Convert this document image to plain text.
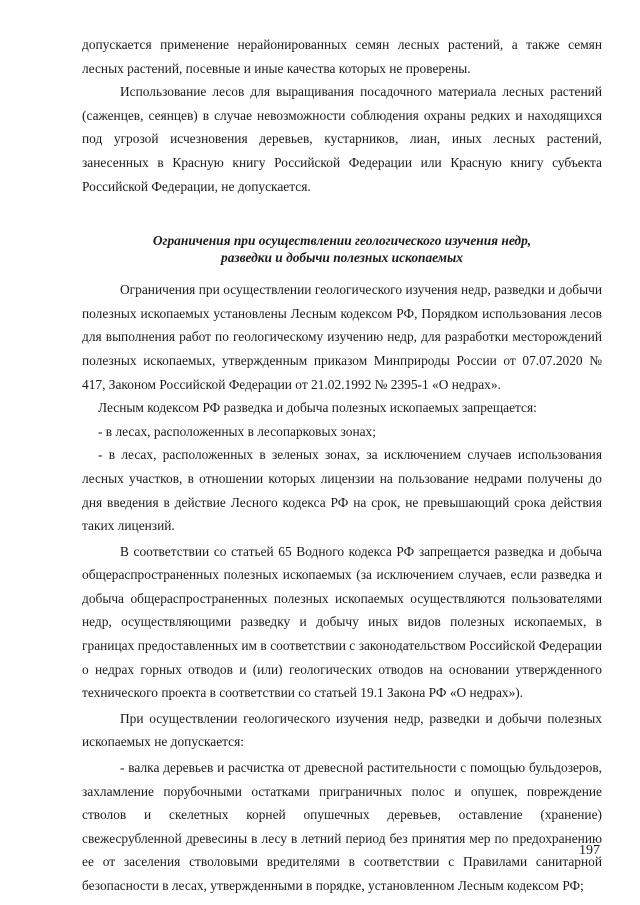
допускается применение нерайонированных семян лесных растений, а также семян лесных растений, посевные и иные качества которых не проверены.

Использование лесов для выращивания посадочного материала лесных растений (саженцев, сеянцев) в случае невозможности соблюдения охраны редких и находящихся под угрозой исчезновения деревьев, кустарников, лиан, иных лесных растений, занесенных в Красную книгу Российской Федерации или Красную книгу субъекта Российской Федерации, не допускается.

Ограничения при осуществлении геологического изучения недр,
разведки и добычи полезных ископаемых

Ограничения при осуществлении геологического изучения недр, разведки и добычи полезных ископаемых установлены Лесным кодексом РФ, Порядком использования лесов для выполнения работ по геологическому изучению недр, для разработки месторождений полезных ископаемых, утвержденным приказом Минприроды России от 07.07.2020 № 417, Законом Российской Федерации от 21.02.1992 № 2395-1 «О недрах».

Лесным кодексом РФ разведка и добыча полезных ископаемых запрещается:

- в лесах, расположенных в лесопарковых зонах;

- в лесах, расположенных в зеленых зонах, за исключением случаев использования лесных участков, в отношении которых лицензии на пользование недрами получены до дня введения в действие Лесного кодекса РФ на срок, не превышающий срока действия таких лицензий.

В соответствии со статьей 65 Водного кодекса РФ запрещается разведка и добыча общераспространенных полезных ископаемых (за исключением случаев, если разведка и добыча общераспространенных полезных ископаемых осуществляются пользователями недр, осуществляющими разведку и добычу иных видов полезных ископаемых, в границах предоставленных им в соответствии с законодательством Российской Федерации о недрах горных отводов и (или) геологических отводов на основании утвержденного технического проекта в соответствии со статьей 19.1 Закона РФ «О недрах»).

При осуществлении геологического изучения недр, разведки и добычи полезных ископаемых не допускается:

- валка деревьев и расчистка от древесной растительности с помощью бульдозеров, захламление порубочными остатками приграничных полос и опушек, повреждение стволов и скелетных корней опушечных деревьев, оставление (хранение) свежесрубленной древесины в лесу в летний период без принятия мер по предохранению ее от заселения стволовыми вредителями в соответствии с Правилами санитарной безопасности в лесах, утвержденными в порядке, установленном Лесным кодексом РФ;

197
